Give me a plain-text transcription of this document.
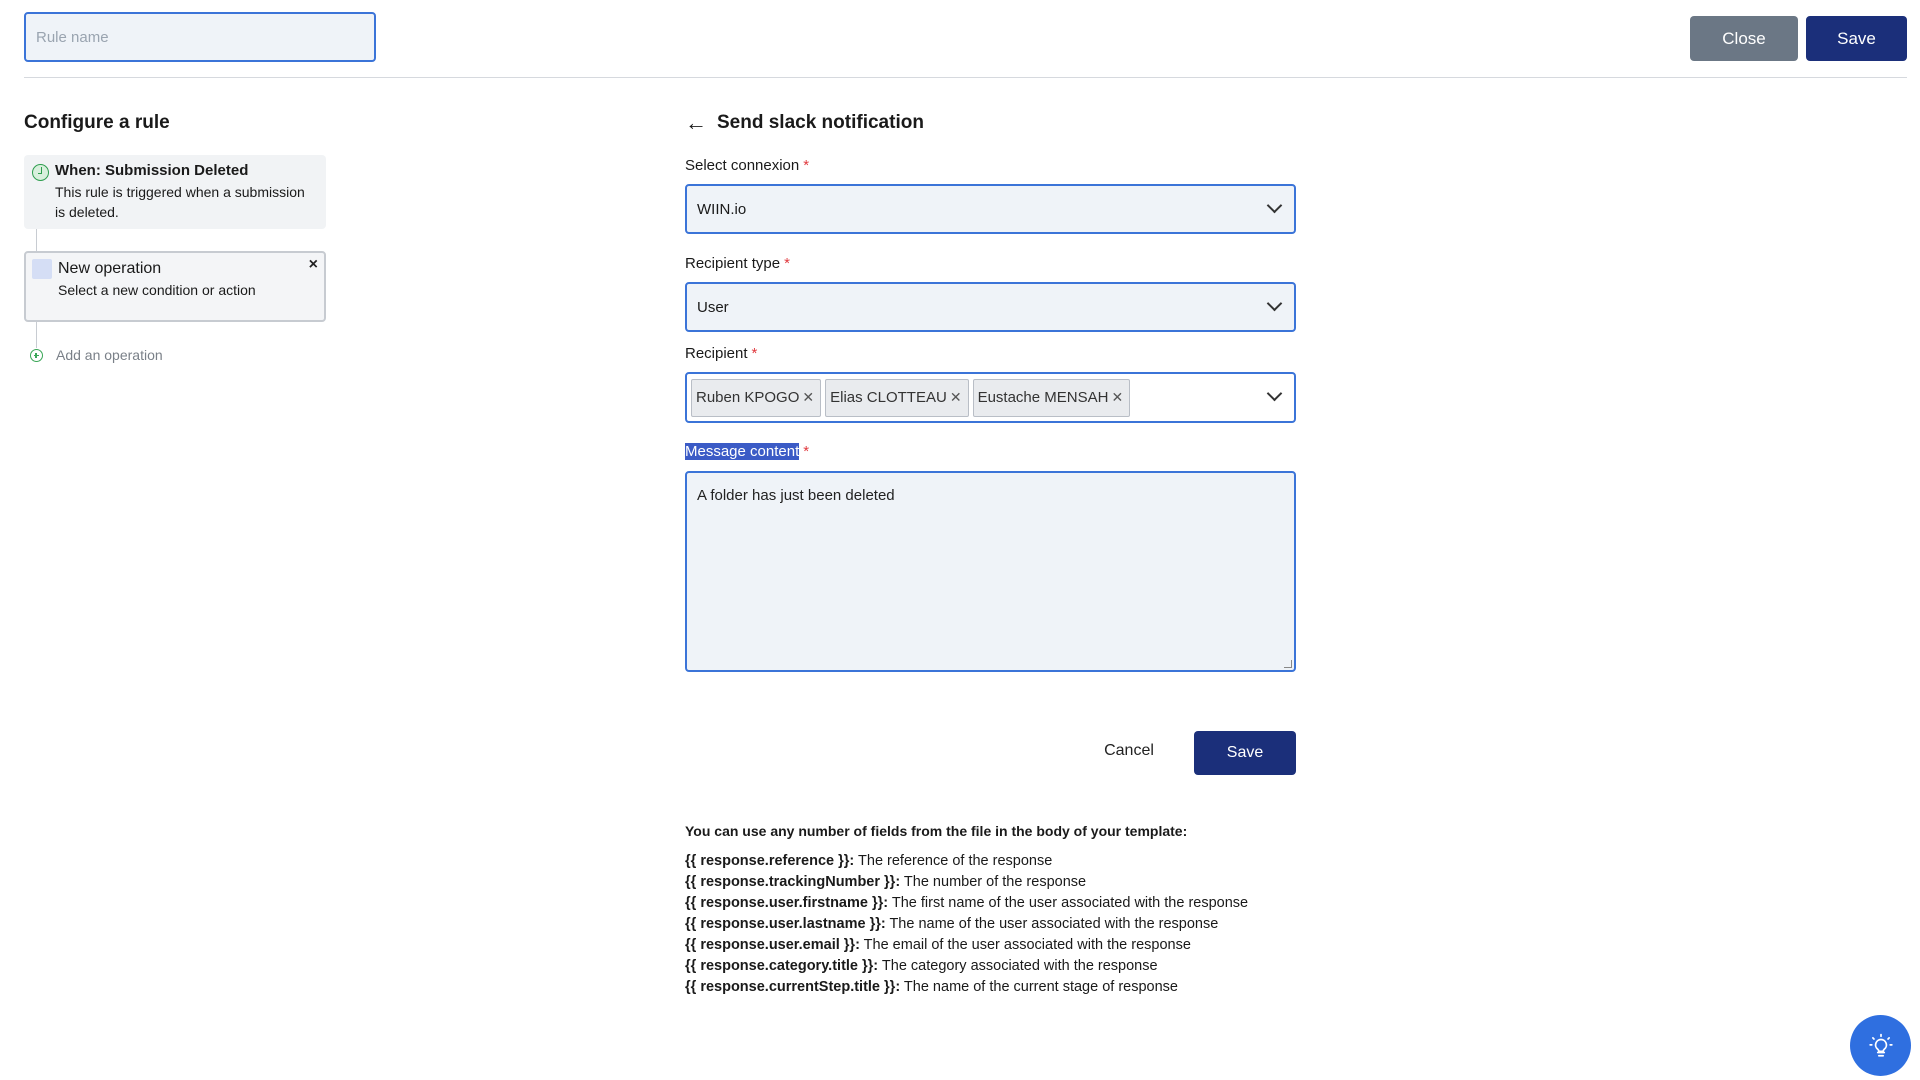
Rule name
Close	Save
Configure a rule
When: Submission Deleted
This rule is triggered when a submission is deleted.
New operation
Select a new condition or action
×
Add an operation
← Send slack notification
Select connexion *
WIIN.io
Recipient type *
User
Recipient *
Ruben KPOGO ✕ Elias CLOTTEAU ✕ Eustache MENSAH ✕
Message content *
A folder has just been deleted
Cancel	Save
You can use any number of fields from the file in the body of your template:
{{ response.reference }}: The reference of the response
{{ response.trackingNumber }}: The number of the response
{{ response.user.firstname }}: The first name of the user associated with the response
{{ response.user.lastname }}: The name of the user associated with the response
{{ response.user.email }}: The email of the user associated with the response
{{ response.category.title }}: The category associated with the response
{{ response.currentStep.title }}: The name of the current stage of response
